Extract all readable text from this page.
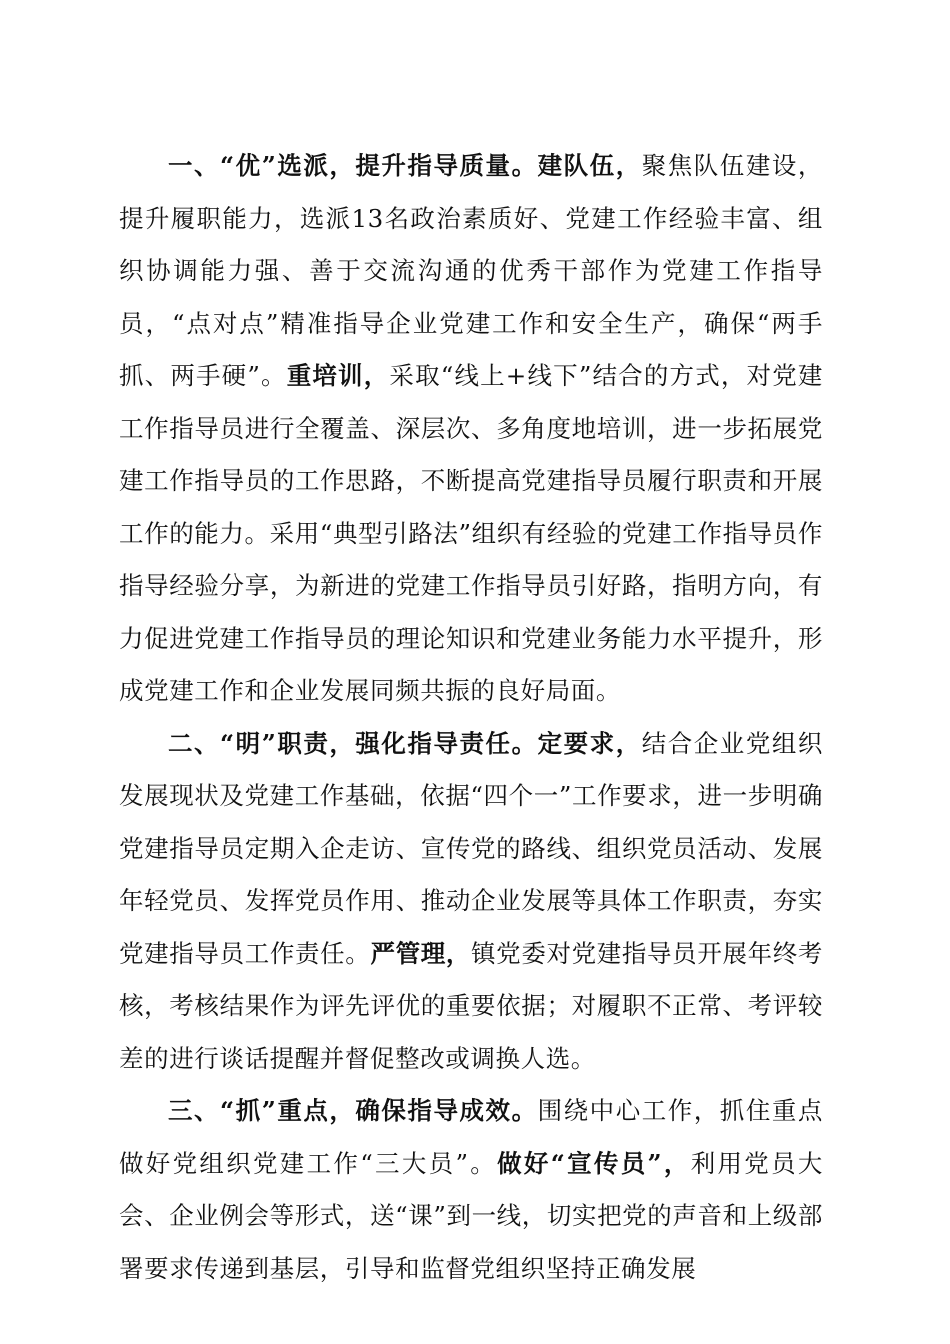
一、“优”选派，提升指导质量。建队伍，聚焦队伍建设，提升履职能力，选派13名政治素质好、党建工作经验丰富、组织协调能力强、善于交流沟通的优秀干部作为党建工作指导员，“点对点”精准指导企业党建工作和安全生产，确保“两手抓、两手硬”。重培训，采取“线上+线下”结合的方式，对党建工作指导员进行全覆盖、深层次、多角度地培训，进一步拓展党建工作指导员的工作思路，不断提高党建指导员履行职责和开展工作的能力。采用“典型引路法”组织有经验的党建工作指导员作指导经验分享，为新进的党建工作指导员引好路，指明方向，有力促进党建工作指导员的理论知识和党建业务能力水平提升，形成党建工作和企业发展同频共振的良好局面。

二、“明”职责，强化指导责任。定要求，结合企业党组织发展现状及党建工作基础，依据“四个一”工作要求，进一步明确党建指导员定期入企走访、宣传党的路线、组织党员活动、发展年轻党员、发挥党员作用、推动企业发展等具体工作职责，夯实党建指导员工作责任。严管理，镇党委对党建指导员开展年终考核，考核结果作为评先评优的重要依据；对履职不正常、考评较差的进行谈话提醒并督促整改或调换人选。

三、“抓”重点，确保指导成效。围绕中心工作，抓住重点做好党组织党建工作“三大员”。做好“宣传员”，利用党员大会、企业例会等形式，送“课”到一线，切实把党的声音和上级部署要求传递到基层，引导和监督党组织坚持正确发展
